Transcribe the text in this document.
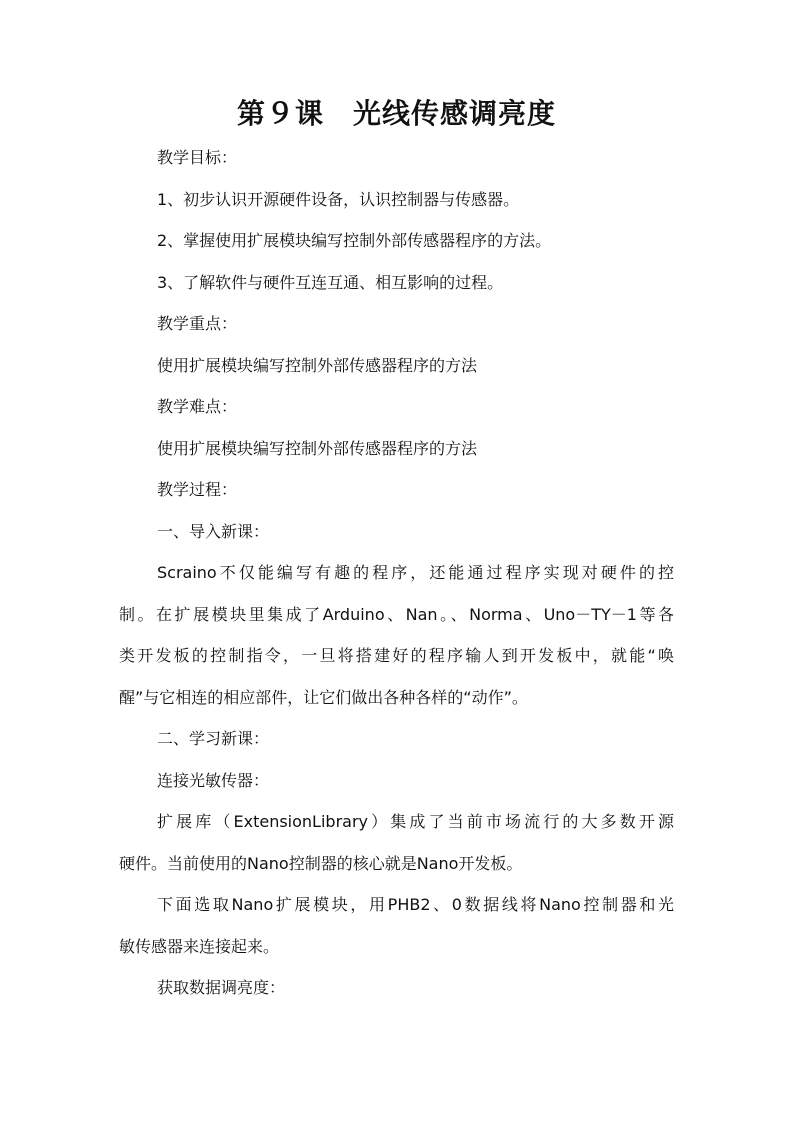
第９课　光线传感调亮度
教学目标：
1、初步认识开源硬件设备，认识控制器与传感器。
2、掌握使用扩展模块编写控制外部传感器程序的方法。
3、了解软件与硬件互连互通、相互影响的过程。
教学重点：
使用扩展模块编写控制外部传感器程序的方法
教学难点：
使用扩展模块编写控制外部传感器程序的方法
教学过程：
一、导入新课：
Scraino不仅能编写有趣的程序，还能通过程序实现对硬件的控
制。在扩展模块里集成了Arduino、Nan。、Norma、Uno－TY－1等各
类开发板的控制指令，一旦将搭建好的程序输人到开发板中，就能“唤
醒”与它相连的相应部件，让它们做出各种各样的“动作”。
二、学习新课：
连接光敏传器：
扩展库（ExtensionLibrary）集成了当前市场流行的大多数开源
硬件。当前使用的Nano控制器的核心就是Nano开发板。
下面选取Nano扩展模块，用PHB2、0数据线将Nano控制器和光
敏传感器来连接起来。
获取数据调亮度：
